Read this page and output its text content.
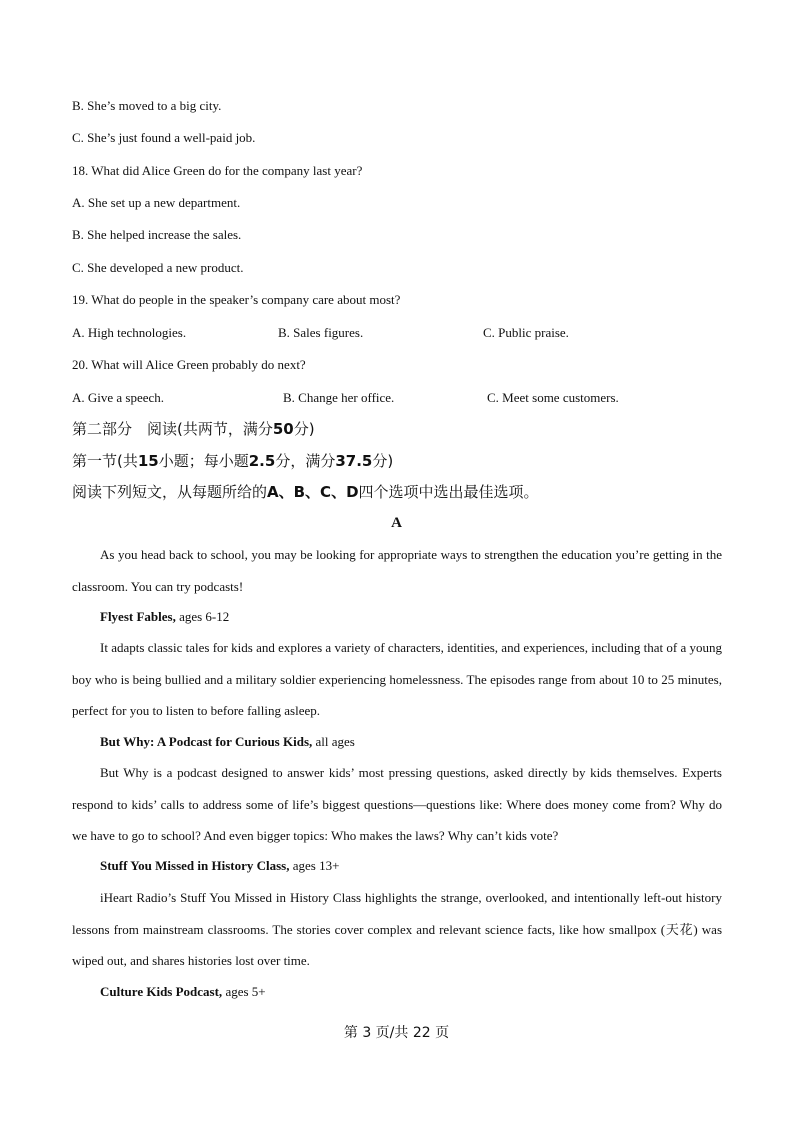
B. She’s moved to a big city.
C. She’s just found a well-paid job.
18. What did Alice Green do for the company last year?
A. She set up a new department.
B. She helped increase the sales.
C. She developed a new product.
19. What do people in the speaker’s company care about most?
A. High technologies.	B. Sales figures.	C. Public praise.
20. What will Alice Green probably do next?
A. Give a speech.	B. Change her office.	C. Meet some customers.
第二部分　阅读(共两节，满分50分)
第一节(共15小题；每小题2.5分，满分37.5分)
阅读下列短文，从每题所给的A、B、C、D四个选项中选出最佳选项。
A
As you head back to school, you may be looking for appropriate ways to strengthen the education you’re getting in the classroom. You can try podcasts!
Flyest Fables, ages 6-12
It adapts classic tales for kids and explores a variety of characters, identities, and experiences, including that of a young boy who is being bullied and a military soldier experiencing homelessness. The episodes range from about 10 to 25 minutes, perfect for you to listen to before falling asleep.
But Why: A Podcast for Curious Kids, all ages
But Why is a podcast designed to answer kids’ most pressing questions, asked directly by kids themselves. Experts respond to kids’ calls to address some of life’s biggest questions—questions like: Where does money come from? Why do we have to go to school? And even bigger topics: Who makes the laws? Why can’t kids vote?
Stuff You Missed in History Class, ages 13+
iHeart Radio’s Stuff You Missed in History Class highlights the strange, overlooked, and intentionally left-out history lessons from mainstream classrooms. The stories cover complex and relevant science facts, like how smallpox (天花) was wiped out, and shares histories lost over time.
Culture Kids Podcast, ages 5+
第 3 页/共 22 页
